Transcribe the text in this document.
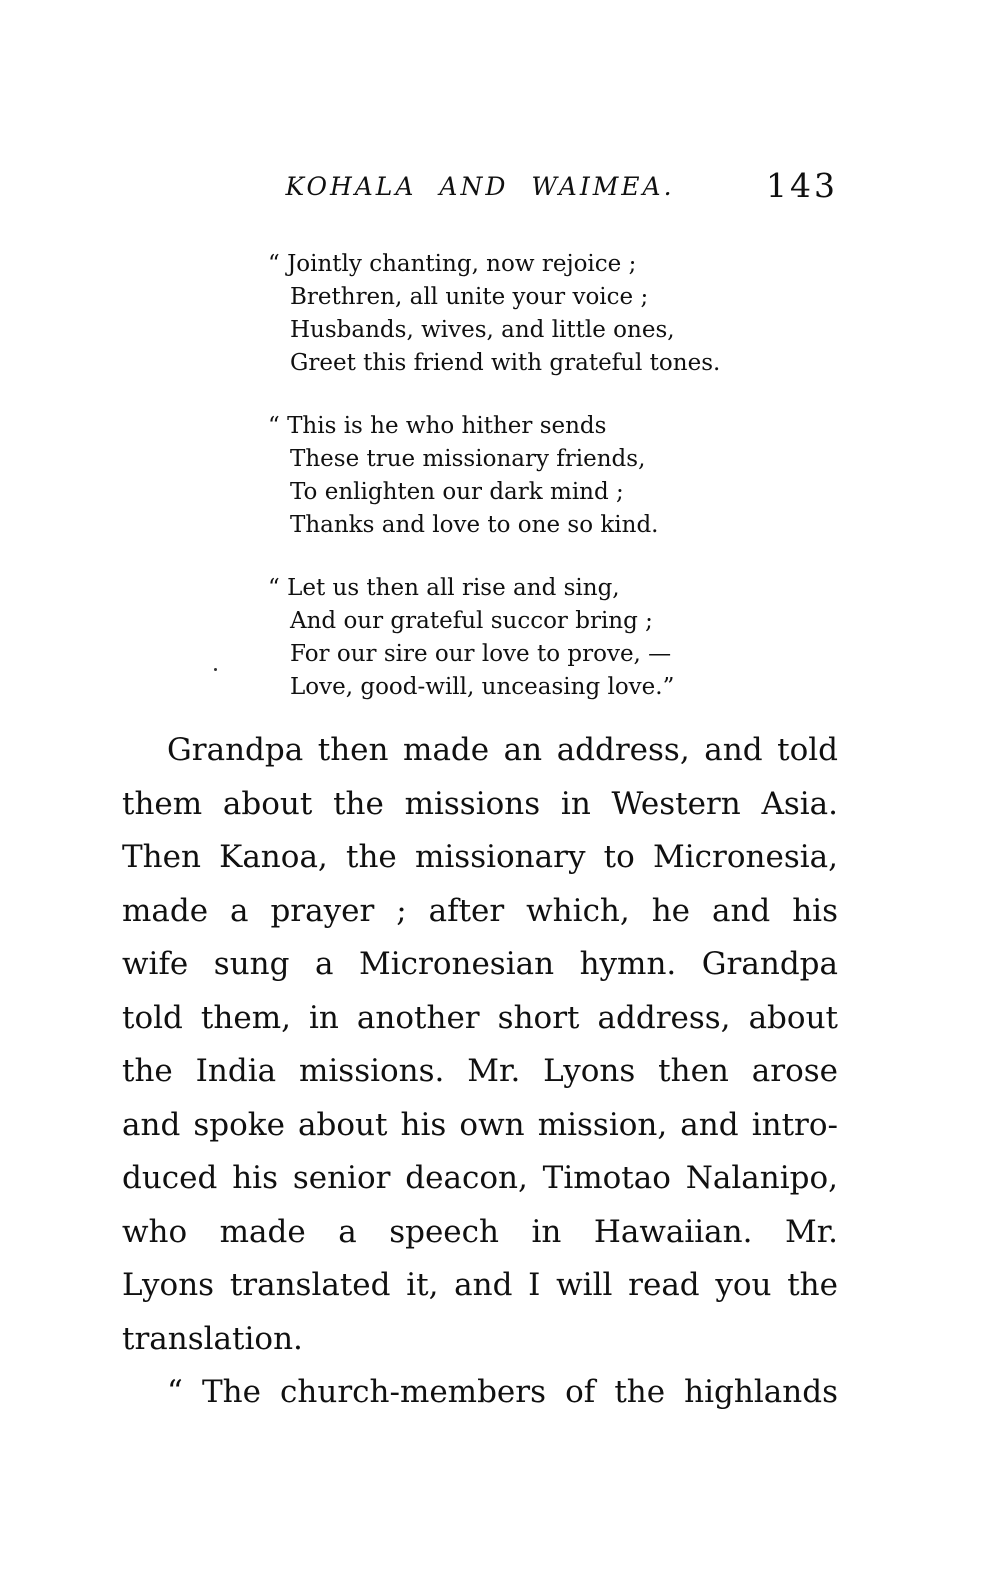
KOHALA AND WAIMEA.	143
“ Jointly chanting, now rejoice ;
Brethren, all unite your voice ;
Husbands, wives, and little ones,
Greet this friend with grateful tones.
“ This is he who hither sends
These true missionary friends,
To enlighten our dark mind ;
Thanks and love to one so kind.
“ Let us then all rise and sing,
And our grateful succor bring ;
For our sire our love to prove, —
Love, good-will, unceasing love.”
Grandpa then made an address, and told
them about the missions in Western Asia.
Then Kanoa, the missionary to Micronesia,
made a prayer ; after which, he and his
wife sung a Micronesian hymn. Grandpa
told them, in another short address, about
the India missions. Mr. Lyons then arose
and spoke about his own mission, and intro-
duced his senior deacon, Timotao Nalanipo,
who made a speech in Hawaiian. Mr.
Lyons translated it, and I will read you the
translation.
“ The church-members of the highlands
